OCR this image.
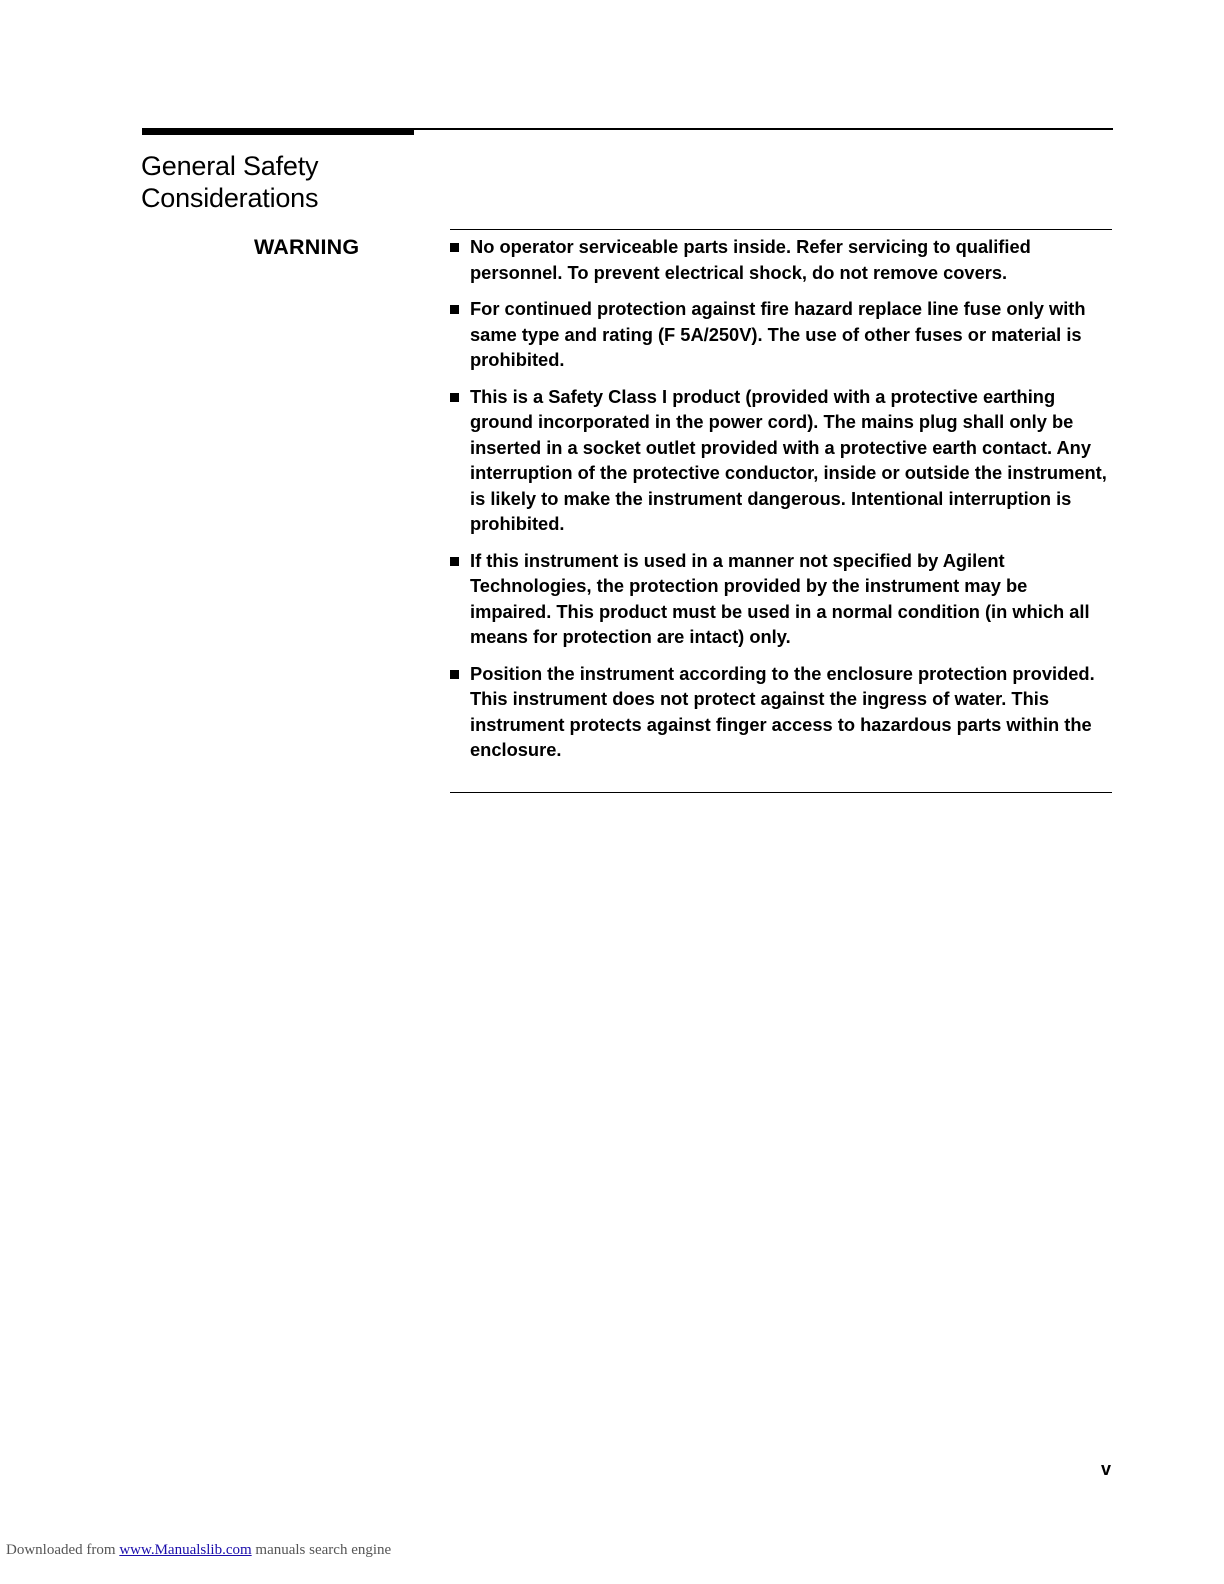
General Safety
Considerations
WARNING	No operator serviceable parts inside. Refer servicing to qualified personnel. To prevent electrical shock, do not remove covers.
For continued protection against fire hazard replace line fuse only with same type and rating (F 5A/250V). The use of other fuses or material is prohibited.
This is a Safety Class I product (provided with a protective earthing ground incorporated in the power cord). The mains plug shall only be inserted in a socket outlet provided with a protective earth contact. Any interruption of the protective conductor, inside or outside the instrument, is likely to make the instrument dangerous. Intentional interruption is prohibited.
If this instrument is used in a manner not specified by Agilent Technologies, the protection provided by the instrument may be impaired. This product must be used in a normal condition (in which all means for protection are intact) only.
Position the instrument according to the enclosure protection provided. This instrument does not protect against the ingress of water. This instrument protects against finger access to hazardous parts within the enclosure.
v
Downloaded from www.Manualslib.com manuals search engine
